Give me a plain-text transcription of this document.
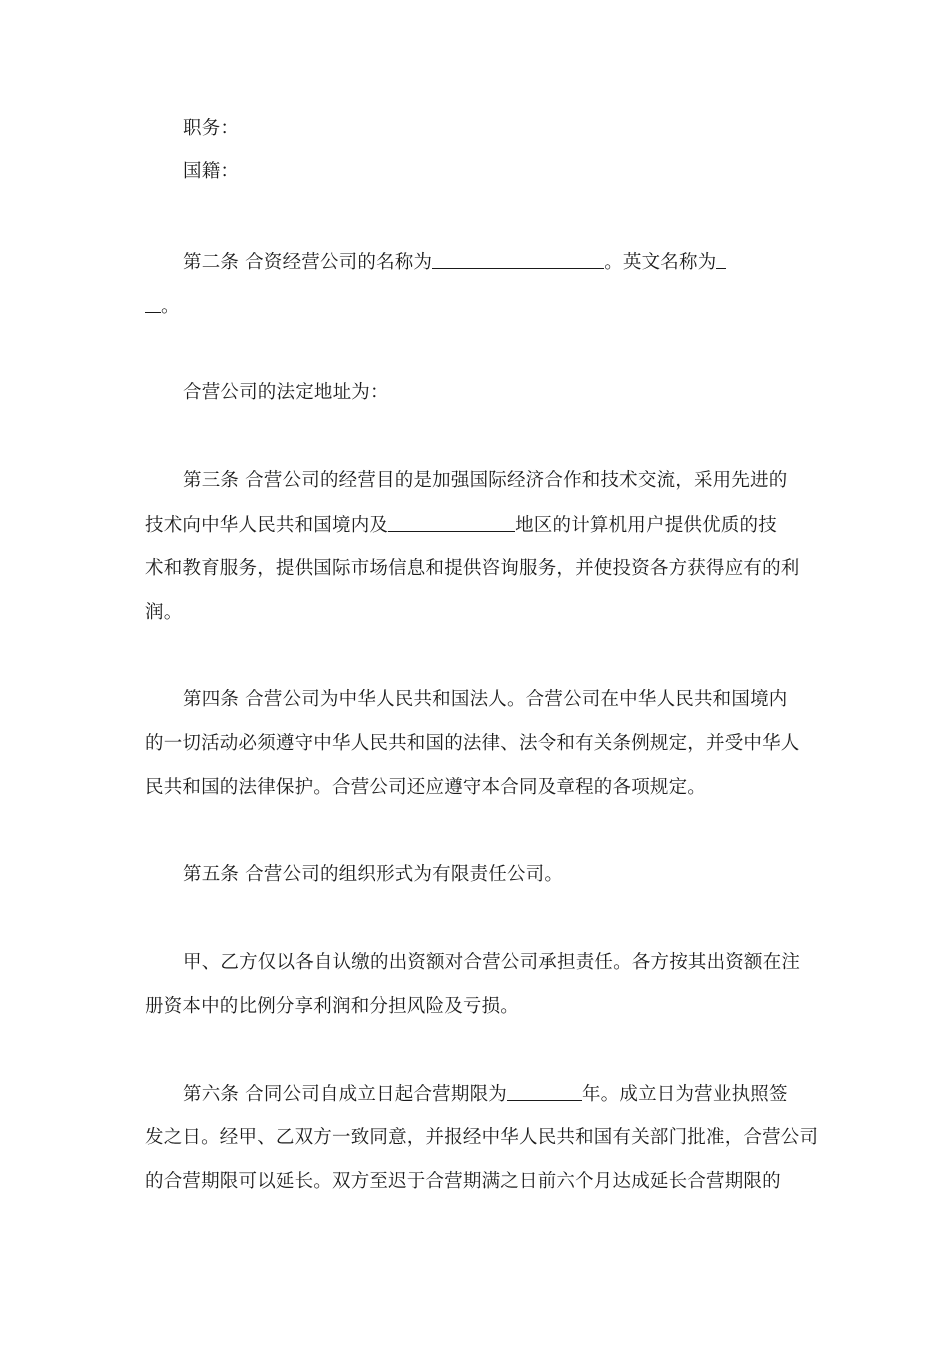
职务：
国籍：
第二条 合资经营公司的名称为	。英文名称为
。
合营公司的法定地址为：
第三条 合营公司的经营目的是加强国际经济合作和技术交流，采用先进的
技术向中华人民共和国境内及	地区的计算机用户提供优质的技
术和教育服务，提供国际市场信息和提供咨询服务，并使投资各方获得应有的利
润。
第四条 合营公司为中华人民共和国法人。合营公司在中华人民共和国境内
的一切活动必须遵守中华人民共和国的法律、法令和有关条例规定，并受中华人
民共和国的法律保护。合营公司还应遵守本合同及章程的各项规定。
第五条 合营公司的组织形式为有限责任公司。
甲、乙方仅以各自认缴的出资额对合营公司承担责任。各方按其出资额在注
册资本中的比例分享利润和分担风险及亏损。
第六条 合同公司自成立日起合营期限为	年。成立日为营业执照签
发之日。经甲、乙双方一致同意，并报经中华人民共和国有关部门批准，合营公司
的合营期限可以延长。双方至迟于合营期满之日前六个月达成延长合营期限的
